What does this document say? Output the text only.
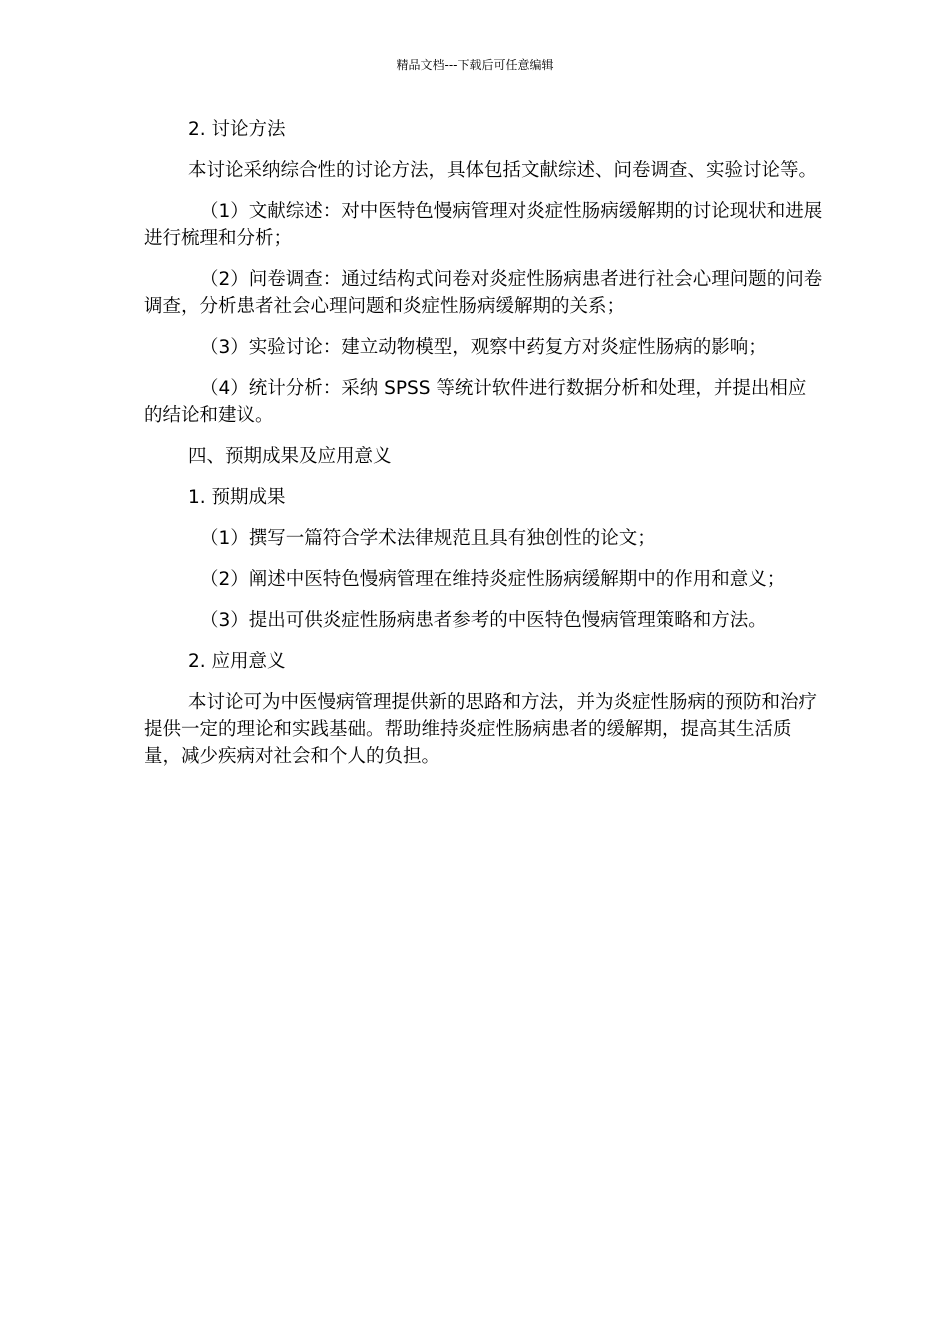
精品文档---下载后可任意编辑

2. 讨论方法

本讨论采纳综合性的讨论方法，具体包括文献综述、问卷调查、实验讨论等。

（1）文献综述：对中医特色慢病管理对炎症性肠病缓解期的讨论现状和进展进行梳理和分析；

（2）问卷调查：通过结构式问卷对炎症性肠病患者进行社会心理问题的问卷调查，分析患者社会心理问题和炎症性肠病缓解期的关系；

（3）实验讨论：建立动物模型，观察中药复方对炎症性肠病的影响；

（4）统计分析：采纳 SPSS 等统计软件进行数据分析和处理，并提出相应的结论和建议。

四、预期成果及应用意义

1. 预期成果

（1）撰写一篇符合学术法律规范且具有独创性的论文；

（2）阐述中医特色慢病管理在维持炎症性肠病缓解期中的作用和意义；

（3）提出可供炎症性肠病患者参考的中医特色慢病管理策略和方法。

2. 应用意义

本讨论可为中医慢病管理提供新的思路和方法，并为炎症性肠病的预防和治疗提供一定的理论和实践基础。帮助维持炎症性肠病患者的缓解期，提高其生活质量，减少疾病对社会和个人的负担。
